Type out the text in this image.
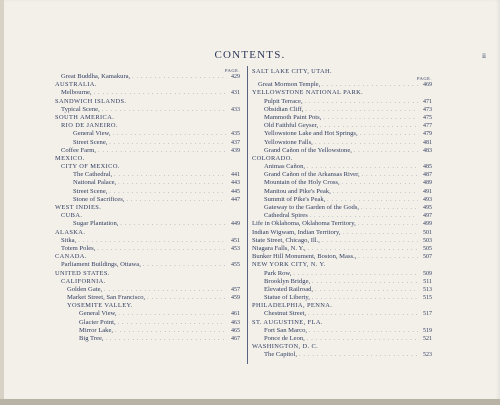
CONTENTS.	ii
PAGE.
Great Buddha, Kamakura, . . .	429
AUSTRALIA.
Melbourne, . . .	431
SANDWICH ISLANDS.
Typical Scene, . . .	433
SOUTH AMERICA.
RIO DE JANEIRO.
General View, . . .	435
Street Scene, . . .	437
Coffee Farm, . . .	439
MEXICO.
CITY OF MEXICO.
The Cathedral, . . .	441
National Palace, . . .	443
Street Scene, . . .	445
Stone of Sacrifices, . . .	447
WEST INDIES.
CUBA.
Sugar Plantation, . . .	449
ALASKA.
Sitka, . . .	451
Totem Poles, . . .	453
CANADA.
Parliament Buildings, Ottawa, . . .	455
UNITED STATES.
CALIFORNIA.
Golden Gate, . . .	457
Market Street, San Francisco, . . .	459
YOSEMITE VALLEY.
General View, . . .	461
Glacier Point, . . .	463
Mirror Lake, . . .	465
Big Tree, . . .	467
SALT LAKE CITY, UTAH.
PAGE.
Great Mormon Temple, . . .	469
YELLOWSTONE NATIONAL PARK.
Pulpit Terrace, . . .	471
Obsidian Cliff, . . .	473
Mammoth Paint Pots, . . .	475
Old Faithful Geyser, . . .	477
Yellowstone Lake and Hot Springs, . . .	479
Yellowstone Falls, . . .	481
Grand Cañon of the Yellowstone, . . .	483
COLORADO.
Animas Cañon, . . .	485
Grand Cañon of the Arkansas River, . . .	487
Mountain of the Holy Cross, . . .	489
Manitou and Pike's Peak, . . .	491
Summit of Pike's Peak, . . .	493
Gateway to the Garden of the Gods, . . .	495
Cathedral Spires . . .	497
Life in Oklahoma, Oklahoma Territory, . . .	499
Indian Wigwam, Indian Territory, . . .	501
State Street, Chicago, Ill., . . .	503
Niagara Falls, N. Y., . . .	505
Bunker Hill Monument, Boston, Mass., . . .	507
NEW YORK CITY, N. Y.
Park Row, . . .	509
Brooklyn Bridge, . . .	511
Elevated Railroad, . . .	513
Statue of Liberty, . . .	515
PHILADELPHIA, PENNA.
Chestnut Street, . . .	517
ST. AUGUSTINE, FLA.
Fort San Marco, . . .	519
Ponce de Leon, . . .	521
WASHINGTON, D. C.
The Capitol, . . .	523
